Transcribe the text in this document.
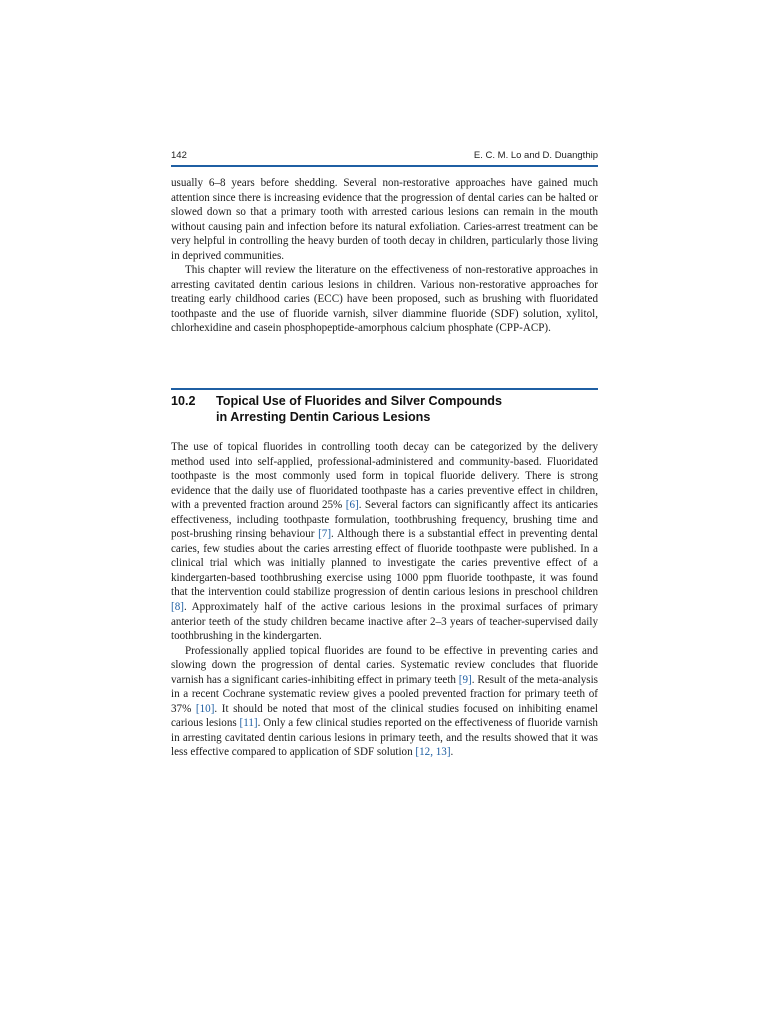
142	E. C. M. Lo and D. Duangthip

usually 6–8 years before shedding. Several non-restorative approaches have gained much attention since there is increasing evidence that the progression of dental caries can be halted or slowed down so that a primary tooth with arrested carious lesions can remain in the mouth without causing pain and infection before its natural exfoliation. Caries-arrest treatment can be very helpful in controlling the heavy burden of tooth decay in children, particularly those living in deprived communities.

This chapter will review the literature on the effectiveness of non-restorative approaches in arresting cavitated dentin carious lesions in children. Various non-restorative approaches for treating early childhood caries (ECC) have been proposed, such as brushing with fluoridated toothpaste and the use of fluoride varnish, silver diammine fluoride (SDF) solution, xylitol, chlorhexidine and casein phosphopeptide-amorphous calcium phosphate (CPP-ACP).

10.2 Topical Use of Fluorides and Silver Compounds
in Arresting Dentin Carious Lesions

The use of topical fluorides in controlling tooth decay can be categorized by the delivery method used into self-applied, professional-administered and community-based. Fluoridated toothpaste is the most commonly used form in topical fluoride delivery. There is strong evidence that the daily use of fluoridated toothpaste has a caries preventive effect in children, with a prevented fraction around 25% [6]. Several factors can significantly affect its anticaries effectiveness, including toothpaste formulation, toothbrushing frequency, brushing time and post-brushing rinsing behaviour [7]. Although there is a substantial effect in preventing dental caries, few studies about the caries arresting effect of fluoride toothpaste were published. In a clinical trial which was initially planned to investigate the caries preventive effect of a kindergarten-based toothbrushing exercise using 1000 ppm fluoride toothpaste, it was found that the intervention could stabilize progression of dentin carious lesions in preschool children [8]. Approximately half of the active carious lesions in the proximal surfaces of primary anterior teeth of the study children became inactive after 2–3 years of teacher-supervised daily toothbrushing in the kindergarten.

Professionally applied topical fluorides are found to be effective in preventing caries and slowing down the progression of dental caries. Systematic review concludes that fluoride varnish has a significant caries-inhibiting effect in primary teeth [9]. Result of the meta-analysis in a recent Cochrane systematic review gives a pooled prevented fraction for primary teeth of 37% [10]. It should be noted that most of the clinical studies focused on inhibiting enamel carious lesions [11]. Only a few clinical studies reported on the effectiveness of fluoride varnish in arresting cavitated dentin carious lesions in primary teeth, and the results showed that it was less effective compared to application of SDF solution [12, 13].
